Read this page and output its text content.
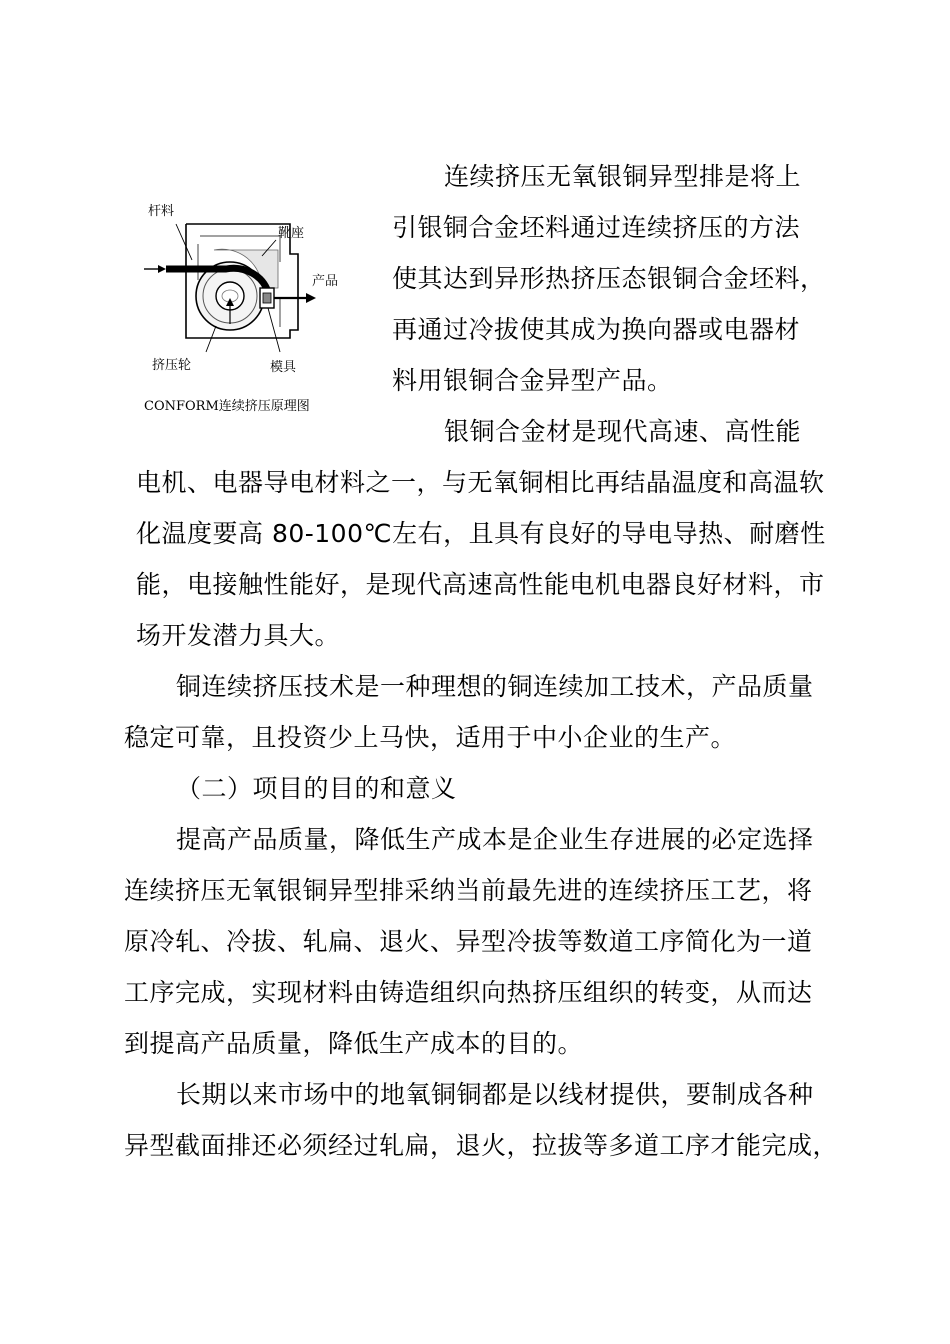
杆料
靴座
产品
挤压轮	模具
CONFORM连续挤压原理图
连续挤压无氧银铜异型排是将上
引银铜合金坯料通过连续挤压的方法
使其达到异形热挤压态银铜合金坯料，
再通过冷拔使其成为换向器或电器材
料用银铜合金异型产品。
银铜合金材是现代高速、高性能
电机、电器导电材料之一，与无氧铜相比再结晶温度和高温软
化温度要高 80-100℃左右，且具有良好的导电导热、耐磨性
能，电接触性能好，是现代高速高性能电机电器良好材料，市
场开发潜力具大。
铜连续挤压技术是一种理想的铜连续加工技术，产品质量
稳定可靠，且投资少上马快，适用于中小企业的生产。
（二）项目的目的和意义
提高产品质量，降低生产成本是企业生存进展的必定选择
连续挤压无氧银铜异型排采纳当前最先进的连续挤压工艺，将
原冷轧、冷拔、轧扁、退火、异型冷拔等数道工序简化为一道
工序完成，实现材料由铸造组织向热挤压组织的转变，从而达
到提高产品质量，降低生产成本的目的。
长期以来市场中的地氧铜铜都是以线材提供，要制成各种
异型截面排还必须经过轧扁，退火，拉拔等多道工序才能完成，
